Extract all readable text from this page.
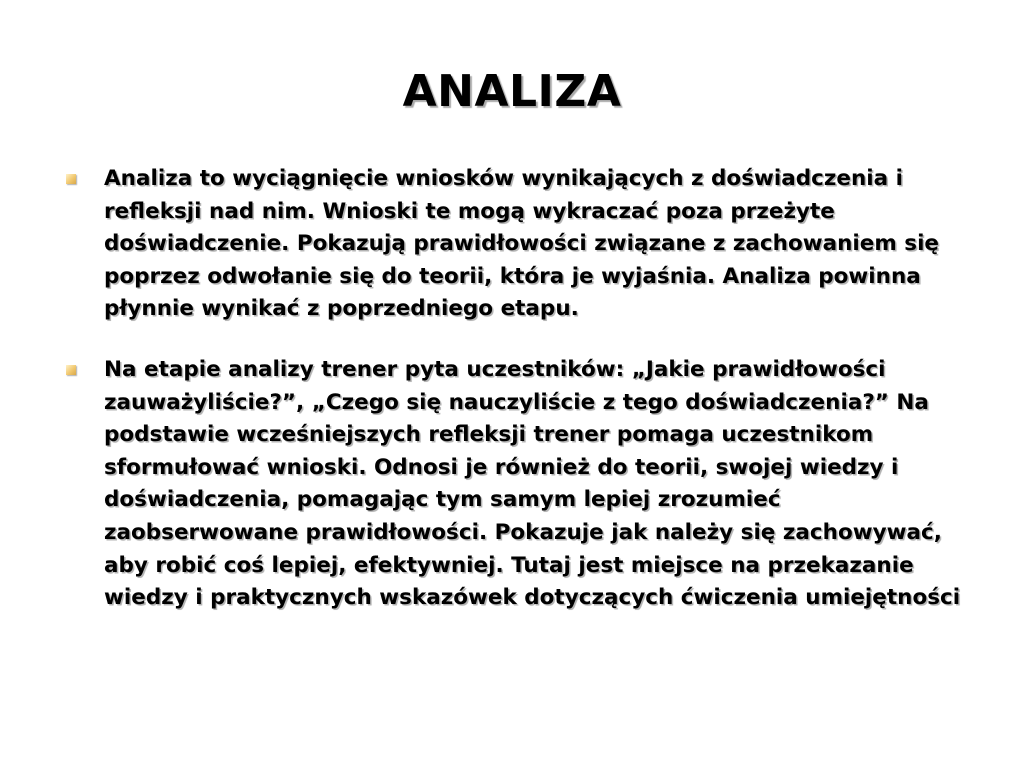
ANALIZA
Analiza to wyciągnięcie wniosków wynikających z doświadczenia i refleksji nad nim. Wnioski te mogą wykraczać poza przeżyte doświadczenie. Pokazują prawidłowości związane z zachowaniem się poprzez odwołanie się do teorii, która je wyjaśnia. Analiza powinna płynnie wynikać z poprzedniego etapu.
Na etapie analizy trener pyta uczestników: „Jakie prawidłowości zauważyliście?”, „Czego się nauczyliście z tego doświadczenia?” Na podstawie wcześniejszych refleksji trener pomaga uczestnikom sformułować wnioski. Odnosi je również do teorii, swojej wiedzy i doświadczenia, pomagając tym samym lepiej zrozumieć zaobserwowane prawidłowości. Pokazuje jak należy się zachowywać, aby robić coś lepiej, efektywniej. Tutaj jest miejsce na przekazanie wiedzy i praktycznych wskazówek dotyczących ćwiczenia umiejętności
